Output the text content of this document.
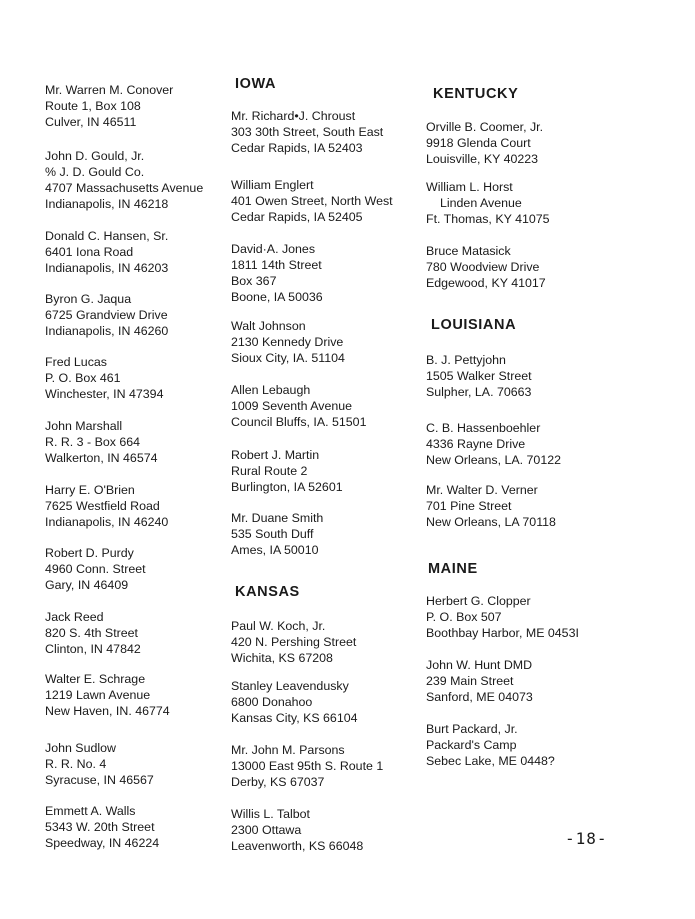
Mr. Warren M. Conover
Route 1, Box 108
Culver, IN 46511
John D. Gould, Jr.
% J. D. Gould Co.
4707 Massachusetts Avenue
Indianapolis, IN 46218
Donald C. Hansen, Sr.
6401 Iona Road
Indianapolis, IN 46203
Byron G. Jaqua
6725 Grandview Drive
Indianapolis, IN 46260
Fred Lucas
P. O. Box 461
Winchester, IN 47394
John Marshall
R. R. 3 - Box 664
Walkerton, IN 46574
Harry E. O'Brien
7625 Westfield Road
Indianapolis, IN 46240
Robert D. Purdy
4960 Conn. Street
Gary, IN 46409
Jack Reed
820 S. 4th Street
Clinton, IN 47842
Walter E. Schrage
1219 Lawn Avenue
New Haven, IN. 46774
John Sudlow
R. R. No. 4
Syracuse, IN 46567
Emmett A. Walls
5343 W. 20th Street
Speedway, IN 46224
IOWA
KANSAS
Mr. Richard•J. Chroust
303 30th Street, South East
Cedar Rapids, IA 52403
William Englert
401 Owen Street, North West
Cedar Rapids, IA 52405
David·A. Jones
1811 14th Street
Box 367
Boone, IA 50036
Walt Johnson
2130 Kennedy Drive
Sioux City, IA. 51104
Allen Lebaugh
1009 Seventh Avenue
Council Bluffs, IA. 51501
Robert J. Martin
Rural Route 2
Burlington, IA 52601
Mr. Duane Smith
535 South Duff
Ames, IA 50010
Paul W. Koch, Jr.
420 N. Pershing Street
Wichita, KS 67208
Stanley Leavendusky
6800 Donahoo
Kansas City, KS 66104
Mr. John M. Parsons
13000 East 95th S. Route 1
Derby, KS 67037
Willis L. Talbot
2300 Ottawa
Leavenworth, KS 66048
KENTUCKY
LOUISIANA
MAINE
Orville B. Coomer, Jr.
9918 Glenda Court
Louisville, KY 40223
William L. Horst
Linden Avenue
Ft. Thomas, KY 41075
Bruce Matasick
780 Woodview Drive
Edgewood, KY 41017
B. J. Pettyjohn
1505 Walker Street
Sulpher, LA. 70663
C. B. Hassenboehler
4336 Rayne Drive
New Orleans, LA. 70122
Mr. Walter D. Verner
701 Pine Street
New Orleans, LA 70118
Herbert G. Clopper
P. O. Box 507
Boothbay Harbor, ME 0453І
John W. Hunt DMD
239 Main Street
Sanford, ME 04073
Burt Packard, Jr.
Packard's Camp
Sebec Lake, ME 0448?
-18-
